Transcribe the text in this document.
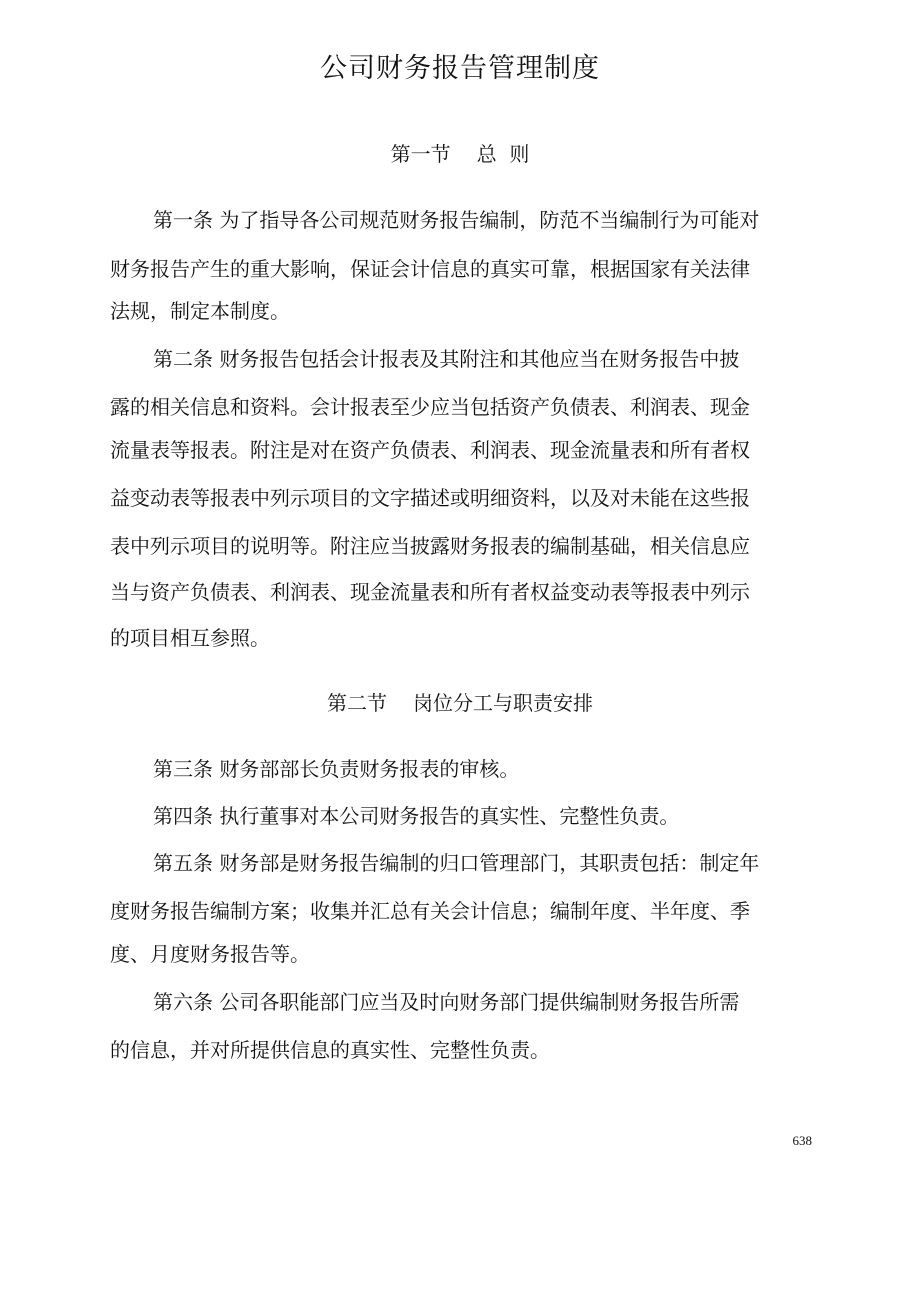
公司财务报告管理制度
第一节 总  则
第一条 为了指导各公司规范财务报告编制，防范不当编制行为可能对
财务报告产生的重大影响，保证会计信息的真实可靠，根据国家有关法律
法规，制定本制度。
第二条 财务报告包括会计报表及其附注和其他应当在财务报告中披
露的相关信息和资料。会计报表至少应当包括资产负债表、利润表、现金
流量表等报表。附注是对在资产负债表、利润表、现金流量表和所有者权
益变动表等报表中列示项目的文字描述或明细资料，以及对未能在这些报
表中列示项目的说明等。附注应当披露财务报表的编制基础，相关信息应
当与资产负债表、利润表、现金流量表和所有者权益变动表等报表中列示
的项目相互参照。
第二节 岗位分工与职责安排
第三条 财务部部长负责财务报表的审核。
第四条 执行董事对本公司财务报告的真实性、完整性负责。
第五条 财务部是财务报告编制的归口管理部门，其职责包括：制定年
度财务报告编制方案；收集并汇总有关会计信息；编制年度、半年度、季
度、月度财务报告等。
第六条 公司各职能部门应当及时向财务部门提供编制财务报告所需
的信息，并对所提供信息的真实性、完整性负责。
638
